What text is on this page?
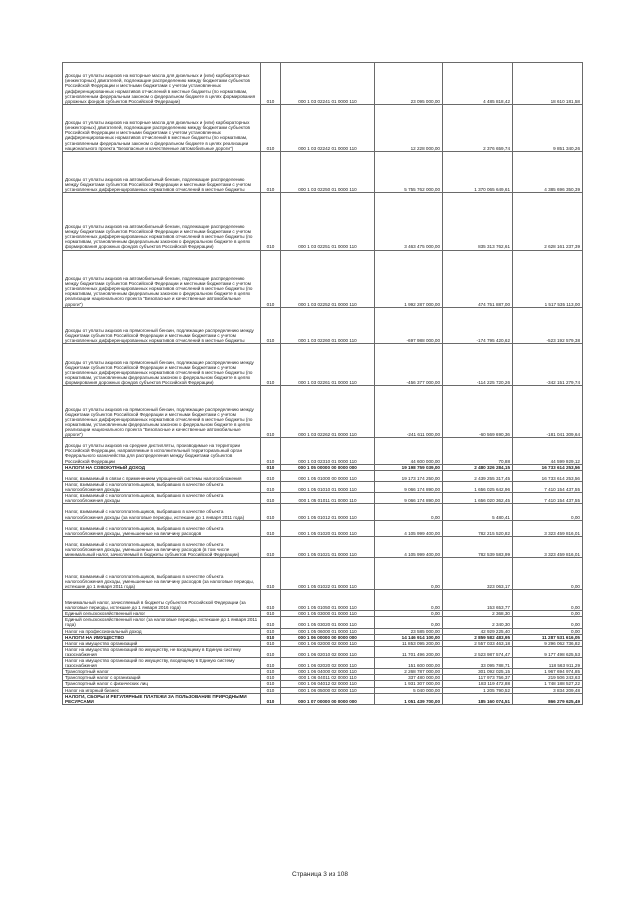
Доходы от уплаты акцизов на моторные масла для дизельных и (или) карбюраторных (инжекторных) двигателей, подлежащие распределению между бюджетами субъектов Российской Федерации и местными бюджетами с учетом установленных дифференцированных нормативов отчислений в местные бюджеты (по нормативам, установленным федеральным законом о федеральном бюджете в целях формирования дорожных фондов субъектов Российской Федерации)	010	000 1 03 02241 01 0000 110	23 095 000,00	4 485 818,42	18 610 181,58
Доходы от уплаты акцизов на моторные масла для дизельных и (или) карбюраторных (инжекторных) двигателей, подлежащие распределению между бюджетами субъектов Российской Федерации и местными бюджетами с учетом установленных дифференцированных нормативов отчислений в местные бюджеты (по нормативам, установленным федеральным законом о федеральном бюджете в целях реализации национального проекта "Безопасные и качественные автомобильные дороги")	010	000 1 03 02242 01 0000 110	12 228 000,00	2 376 659,74	9 851 340,26
Доходы от уплаты акцизов на автомобильный бензин, подлежащие распределению между бюджетами субъектов Российской Федерации и местными бюджетами с учетом установленных дифференцированных нормативов отчислений в местные бюджеты	010	000 1 03 02250 01 0000 110	5 755 762 000,00	1 370 065 649,61	4 385 696 350,39
Доходы от уплаты акцизов на автомобильный бензин, подлежащие распределению между бюджетами субъектов Российской Федерации и местными бюджетами с учетом установленных дифференцированных нормативов отчислений в местные бюджеты (по нормативам, установленным федеральным законом о федеральном бюджете в целях формирования дорожных фондов субъектов Российской Федерации)	010	000 1 03 02251 01 0000 110	3 463 475 000,00	835 313 762,61	2 628 161 237,39
Доходы от уплаты акцизов на автомобильный бензин, подлежащие распределению между бюджетами субъектов Российской Федерации и местными бюджетами с учетом установленных дифференцированных нормативов отчислений в местные бюджеты (по нормативам, установленным федеральным законом о федеральном бюджете в целях реализации национального проекта "Безопасные и качественные автомобильные дороги")	010	000 1 03 02252 01 0000 110	1 992 287 000,00	474 751 887,00	1 517 535 113,00
Доходы от уплаты акцизов на прямогонный бензин, подлежащие распределению между бюджетами субъектов Российской Федерации и местными бюджетами с учетом установленных дифференцированных нормативов отчислений в местные бюджеты	010	000 1 03 02260 01 0000 110	-697 988 000,00	-174 795 420,62	-523 192 579,38
Доходы от уплаты акцизов на прямогонный бензин, подлежащие распределению между бюджетами субъектов Российской Федерации и местными бюджетами с учетом установленных дифференцированных нормативов отчислений в местные бюджеты (по нормативам, установленным федеральным законом о федеральном бюджете в целях формирования дорожных фондов субъектов Российской Федерации)	010	000 1 03 02261 01 0000 110	-456 377 000,00	-114 225 720,26	-342 151 279,74
Доходы от уплаты акцизов на прямогонный бензин, подлежащие распределению между бюджетами субъектов Российской Федерации и местными бюджетами с учетом установленных дифференцированных нормативов отчислений в местные бюджеты (по нормативам, установленным федеральным законом о федеральном бюджете в целях реализации национального проекта "Безопасные и качественные автомобильные дороги")	010	000 1 03 02262 01 0000 110	-241 611 000,00	-60 569 690,36	-181 041 309,64
Доходы от уплаты акцизов на средние дистилляты, производимые на территории Российской Федерации, направляемые в исполнительный территориальный орган Федерального казначейства для распределения между бюджетами субъектов Российской Федерации	010	000 1 03 02310 01 0000 110	44 600 000,00	70,88	44 599 929,12
НАЛОГИ НА СОВОКУПНЫЙ ДОХОД	010	000 1 05 00000 00 0000 000	19 198 759 039,00	2 480 326 284,15	16 733 614 253,56
Налог, взимаемый в связи с применением упрощенной системы налогообложения	010	000 1 05 01000 00 0000 110	19 173 174 250,00	2 439 255 317,45	16 733 614 253,56
Налог, взимаемый с налогоплательщиков, выбравших в качестве объекта налогообложения доходы	010	000 1 05 01010 01 0000 110	9 066 174 890,00	1 656 025 642,96	7 410 154 437,55
Налог, взимаемый с налогоплательщиков, выбравших в качестве объекта налогообложения доходы	010	000 1 05 01011 01 0000 110	9 066 174 890,00	1 656 020 362,45	7 410 154 437,55
Налог, взимаемый с налогоплательщиков, выбравших в качестве объекта налогообложения доходы (за налоговые периоды, истекшие до 1 января 2011 года)	010	000 1 05 01012 01 0000 110	0,00	5 480,41	0,00
Налог, взимаемый с налогоплательщиков, выбравших в качестве объекта налогообложения доходы, уменьшенные на величину расходов	010	000 1 05 01020 01 0000 110	4 105 999 400,00	782 215 520,82	3 323 459 816,01
Налог, взимаемый с налогоплательщиков, выбравших в качестве объекта налогообложения доходы, уменьшенные на величину расходов (в том числе минимальный налог, зачисляемый в бюджеты субъектов Российской Федерации)	010	000 1 05 01021 01 0000 110	4 105 999 400,00	782 539 583,99	3 323 459 816,01
Налог, взимаемый с налогоплательщиков, выбравших в качестве объекта налогообложения доходы, уменьшенные на величину расходов (за налоговые периоды, истекшие до 1 января 2011 года)	010	000 1 05 01022 01 0000 110	0,00	323 063,17	0,00
Минимальный налог, зачисляемый в бюджеты субъектов Российской Федерации (за налоговые периоды, истекшие до 1 января 2016 года)	010	000 1 05 01050 01 0000 110	0,00	153 653,77	0,00
Единый сельскохозяйственный налог	010	000 1 05 03000 01 0000 110	0,00	2 368,30	0,00
Единый сельскохозяйственный налог (за налоговые периоды, истекшие до 1 января 2011 года)	010	000 1 05 03020 01 0000 110	0,00	2 340,30	0,00
Налог на профессиональный доход	010	000 1 05 06000 01 0000 110	23 585 000,00	42 929 225,40	0,00
НАЛОГИ НА ИМУЩЕСТВО	010	000 1 06 00000 00 0000 000	14 146 914 100,00	2 859 582 483,95	11 287 531 616,05
Налог на имущество организаций	010	000 1 06 02000 02 0000 110	11 853 095 200,00	2 557 033 463,18	9 296 062 736,82
Налог на имущество организаций по имуществу, не входящему в Единую систему газоснабжения	010	000 1 06 02010 02 0000 110	11 701 496 200,00	2 523 987 574,47	9 177 498 625,53
Налог на имущество организаций по имуществу, входящему в Единую систему газоснабжения	010	000 1 06 02020 02 0000 110	151 600 000,00	33 095 788,71	118 563 911,29
Транспортный налог	010	000 1 06 04000 02 0000 110	2 268 787 000,00	301 092 025,15	1 967 694 974,85
Транспортный налог с организаций	010	000 1 06 04011 02 0000 110	337 480 000,00	117 973 756,37	219 506 243,63
Транспортный налог с физических лиц	010	000 1 06 04012 02 0000 110	1 931 307 000,00	183 119 472,88	1 748 188 527,22
Налог на игорный бизнес	010	000 1 06 05000 02 0000 110	5 040 000,00	1 205 790,52	3 834 209,48
НАЛОГИ, СБОРЫ И РЕГУЛЯРНЫЕ ПЛАТЕЖИ ЗА ПОЛЬЗОВАНИЕ ПРИРОДНЫМИ РЕСУРСАМИ	010	000 1 07 00000 00 0000 000	1 051 439 700,00	185 160 074,51	866 279 625,49
Страница 3 из 108
